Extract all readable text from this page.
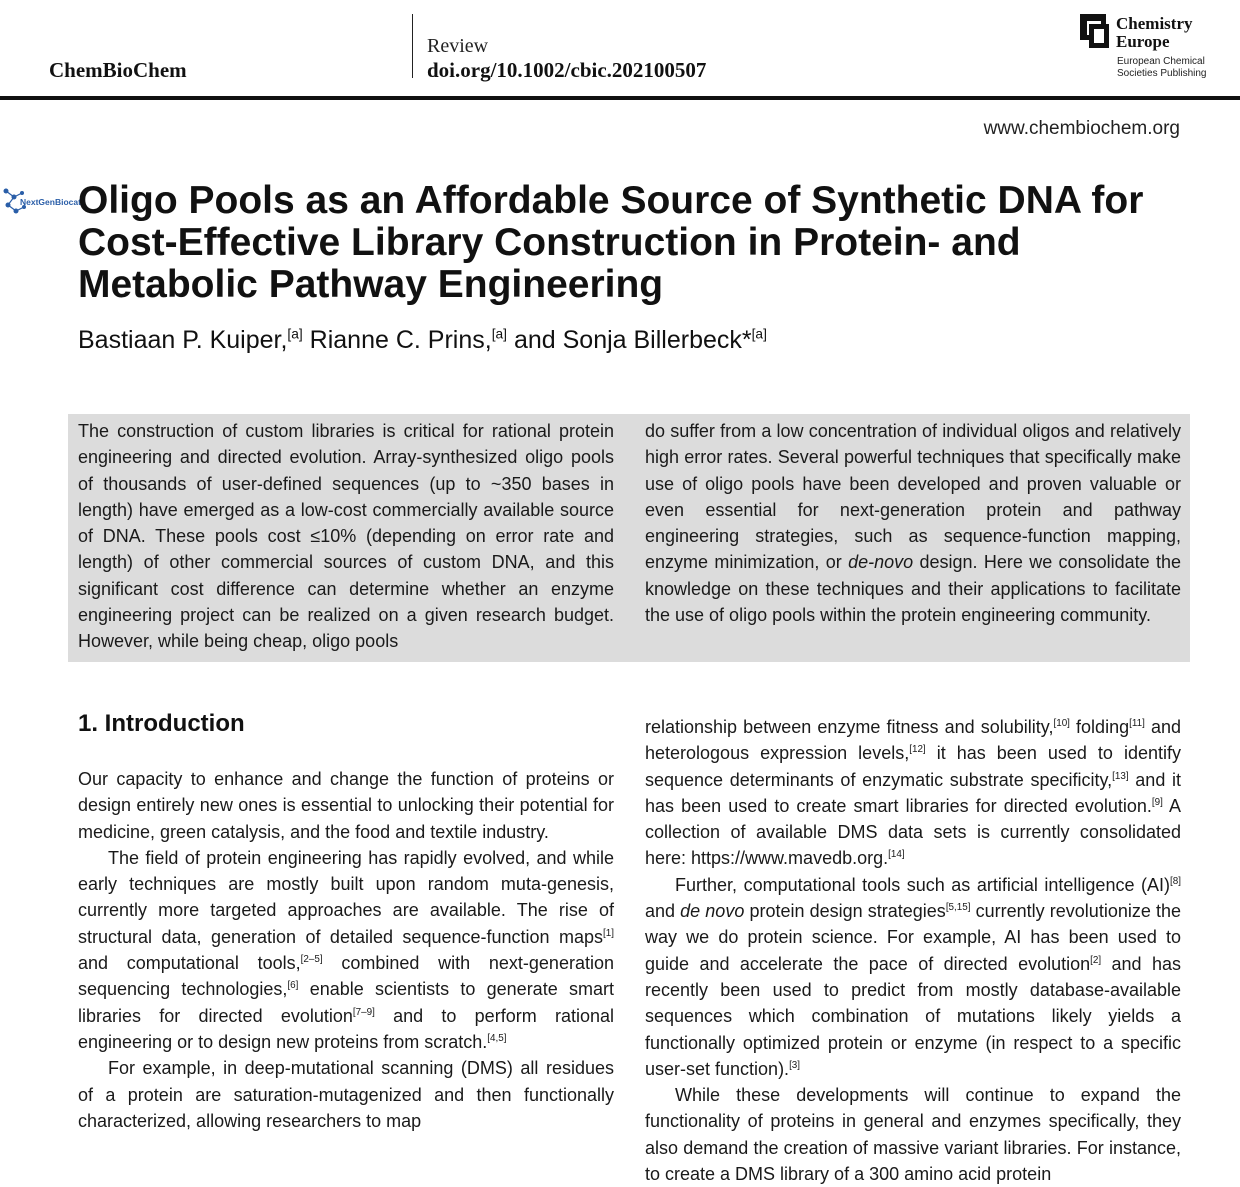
ChemBioChem
Review
doi.org/10.1002/cbic.202100507
Chemistry
Europe
European Chemical
Societies Publishing
www.chembiochem.org
NextGenBiocat
Oligo Pools as an Affordable Source of Synthetic DNA for Cost-Effective Library Construction in Protein- and Metabolic Pathway Engineering
Bastiaan P. Kuiper,[a] Rianne C. Prins,[a] and Sonja Billerbeck*[a]

The construction of custom libraries is critical for rational protein engineering and directed evolution. Array-synthesized oligo pools of thousands of user-defined sequences (up to ~350 bases in length) have emerged as a low-cost commercially available source of DNA. These pools cost ≤10% (depending on error rate and length) of other commercial sources of custom DNA, and this significant cost difference can determine whether an enzyme engineering project can be realized on a given research budget. However, while being cheap, oligo pools

do suffer from a low concentration of individual oligos and relatively high error rates. Several powerful techniques that specifically make use of oligo pools have been developed and proven valuable or even essential for next-generation protein and pathway engineering strategies, such as sequence-function mapping, enzyme minimization, or de-novo design. Here we consolidate the knowledge on these techniques and their applications to facilitate the use of oligo pools within the protein engineering community.

1. Introduction

Our capacity to enhance and change the function of proteins or design entirely new ones is essential to unlocking their potential for medicine, green catalysis, and the food and textile industry.

The field of protein engineering has rapidly evolved, and while early techniques are mostly built upon random muta-genesis, currently more targeted approaches are available. The rise of structural data, generation of detailed sequence-function maps[1] and computational tools,[2–5] combined with next-generation sequencing technologies,[6] enable scientists to generate smart libraries for directed evolution[7–9] and to perform rational engineering or to design new proteins from scratch.[4,5]

For example, in deep-mutational scanning (DMS) all residues of a protein are saturation-mutagenized and then functionally characterized, allowing researchers to map

relationship between enzyme fitness and solubility,[10] folding[11] and heterologous expression levels,[12] it has been used to identify sequence determinants of enzymatic substrate specificity,[13] and it has been used to create smart libraries for directed evolution.[9] A collection of available DMS data sets is currently consolidated here: https://www.mavedb.org.[14]

Further, computational tools such as artificial intelligence (AI)[8] and de novo protein design strategies[5,15] currently revolutionize the way we do protein science. For example, AI has been used to guide and accelerate the pace of directed evolution[2] and has recently been used to predict from mostly database-available sequences which combination of mutations likely yields a functionally optimized protein or enzyme (in respect to a specific user-set function).[3]

While these developments will continue to expand the functionality of proteins in general and enzymes specifically, they also demand the creation of massive variant libraries. For instance, to create a DMS library of a 300 amino acid protein
